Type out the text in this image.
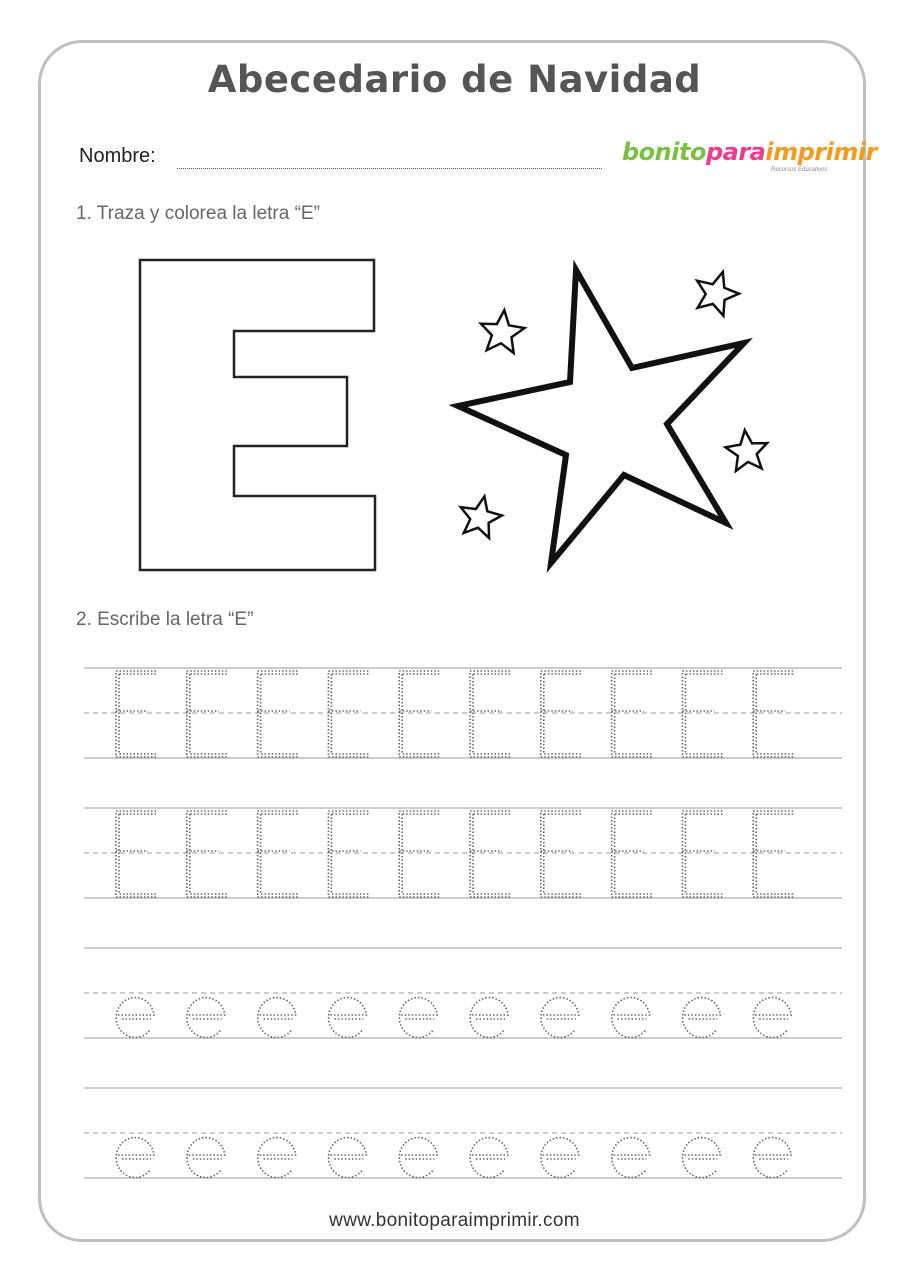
Abecedario de Navidad
Nombre:	bonitoparaimprimir
Recursos Educativos
1. Traza y colorea la letra “E”
2. Escribe la letra “E”
www.bonitoparaimprimir.com
